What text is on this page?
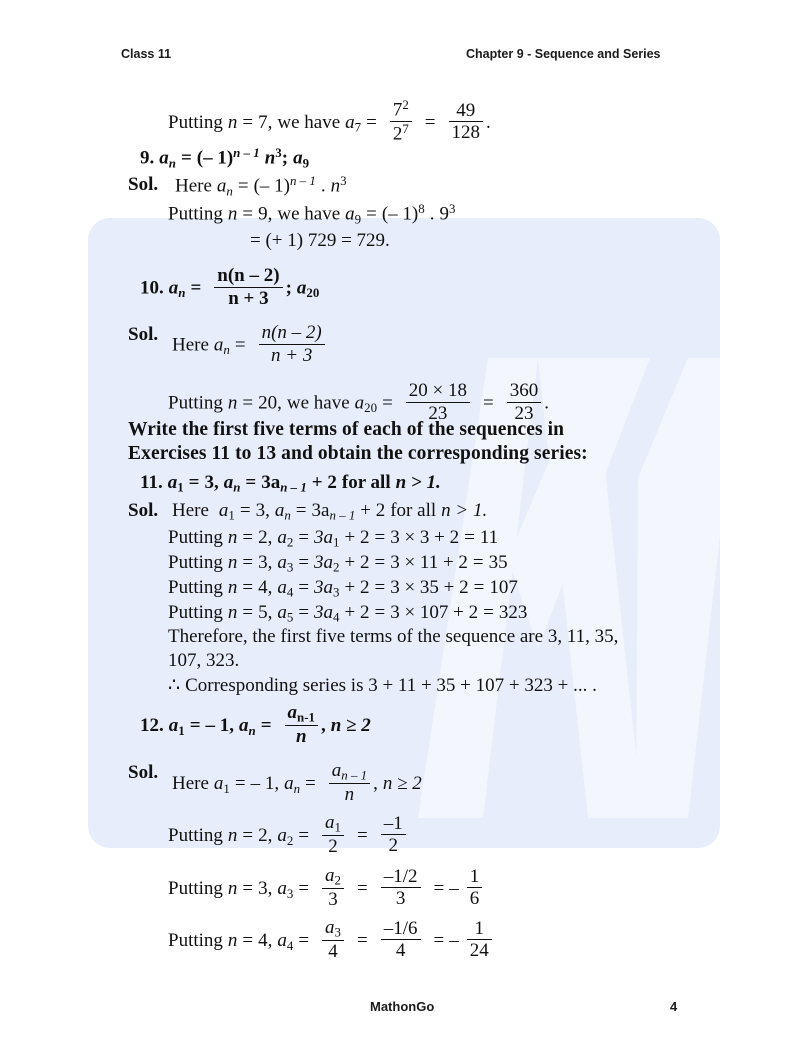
Class 11	Chapter 9 - Sequence and Series
Putting n = 7, we have $a_7 = \frac{7^2}{2^7} = \frac{49}{128}$ .
9. $a_n$ = (– 1)$^{n - 1}$ $n^3$; $a_9$
Sol. Here $a_n$ = (– 1)$^{n - 1}$ . $n^3$
Putting n = 9, we have $a_9$ = (– 1)$^8$ . $9^3$
= (+ 1) 729 = 729.
10. $a_n = \frac{n(n - 2)}{n + 3}$ ; $a_{20}$
Sol.
Here $a_n = \frac{n(n - 2)}{n + 3}$
Putting n = 20, we have $a_{20} = \frac{20 \times 18}{23} = \frac{360}{23}$ .
Write the first five terms of each of the sequences in
Exercises 11 to 13 and obtain the corresponding series:
11. $a_1 = 3$, $a_n = 3a_{n - 1} + 2$ for all n > 1.
Sol. Here $a_1 = 3$, $a_n = 3a_{n - 1} + 2$ for all n > 1.
Putting n = 2, $a_2 = 3a_1 + 2 = 3 \times 3 + 2 = 11$
Putting n = 3, $a_3 = 3a_2 + 2 = 3 \times 11 + 2 = 35$
Putting n = 4, $a_4 = 3a_3 + 2 = 3 \times 35 + 2 = 107$
Putting n = 5, $a_5 = 3a_4 + 2 = 3 \times 107 + 2 = 323$
Therefore, the first five terms of the sequence are 3, 11, 35,
107, 323.
∴ Corresponding series is 3 + 11 + 35 + 107 + 323 + ... .
12. $a_1$ = – 1, $a_n = \frac{a_{n-1}}{n}$ , n ≥ 2
Sol.
Here $a_1$ = – 1, $a_n = \frac{a_{n - 1}}{n}$ , n ≥ 2
Putting n = 2, $a_2 = \frac{a_1}{2} = \frac{-1}{2}$
Putting n = 3, $a_3 = \frac{a_2}{3} = \frac{-1/2}{3}$ = – $\frac{1}{6}$
Putting n = 4, $a_4 = \frac{a_3}{4} = \frac{-1/6}{4}$ = – $\frac{1}{24}$
MathonGo	4
